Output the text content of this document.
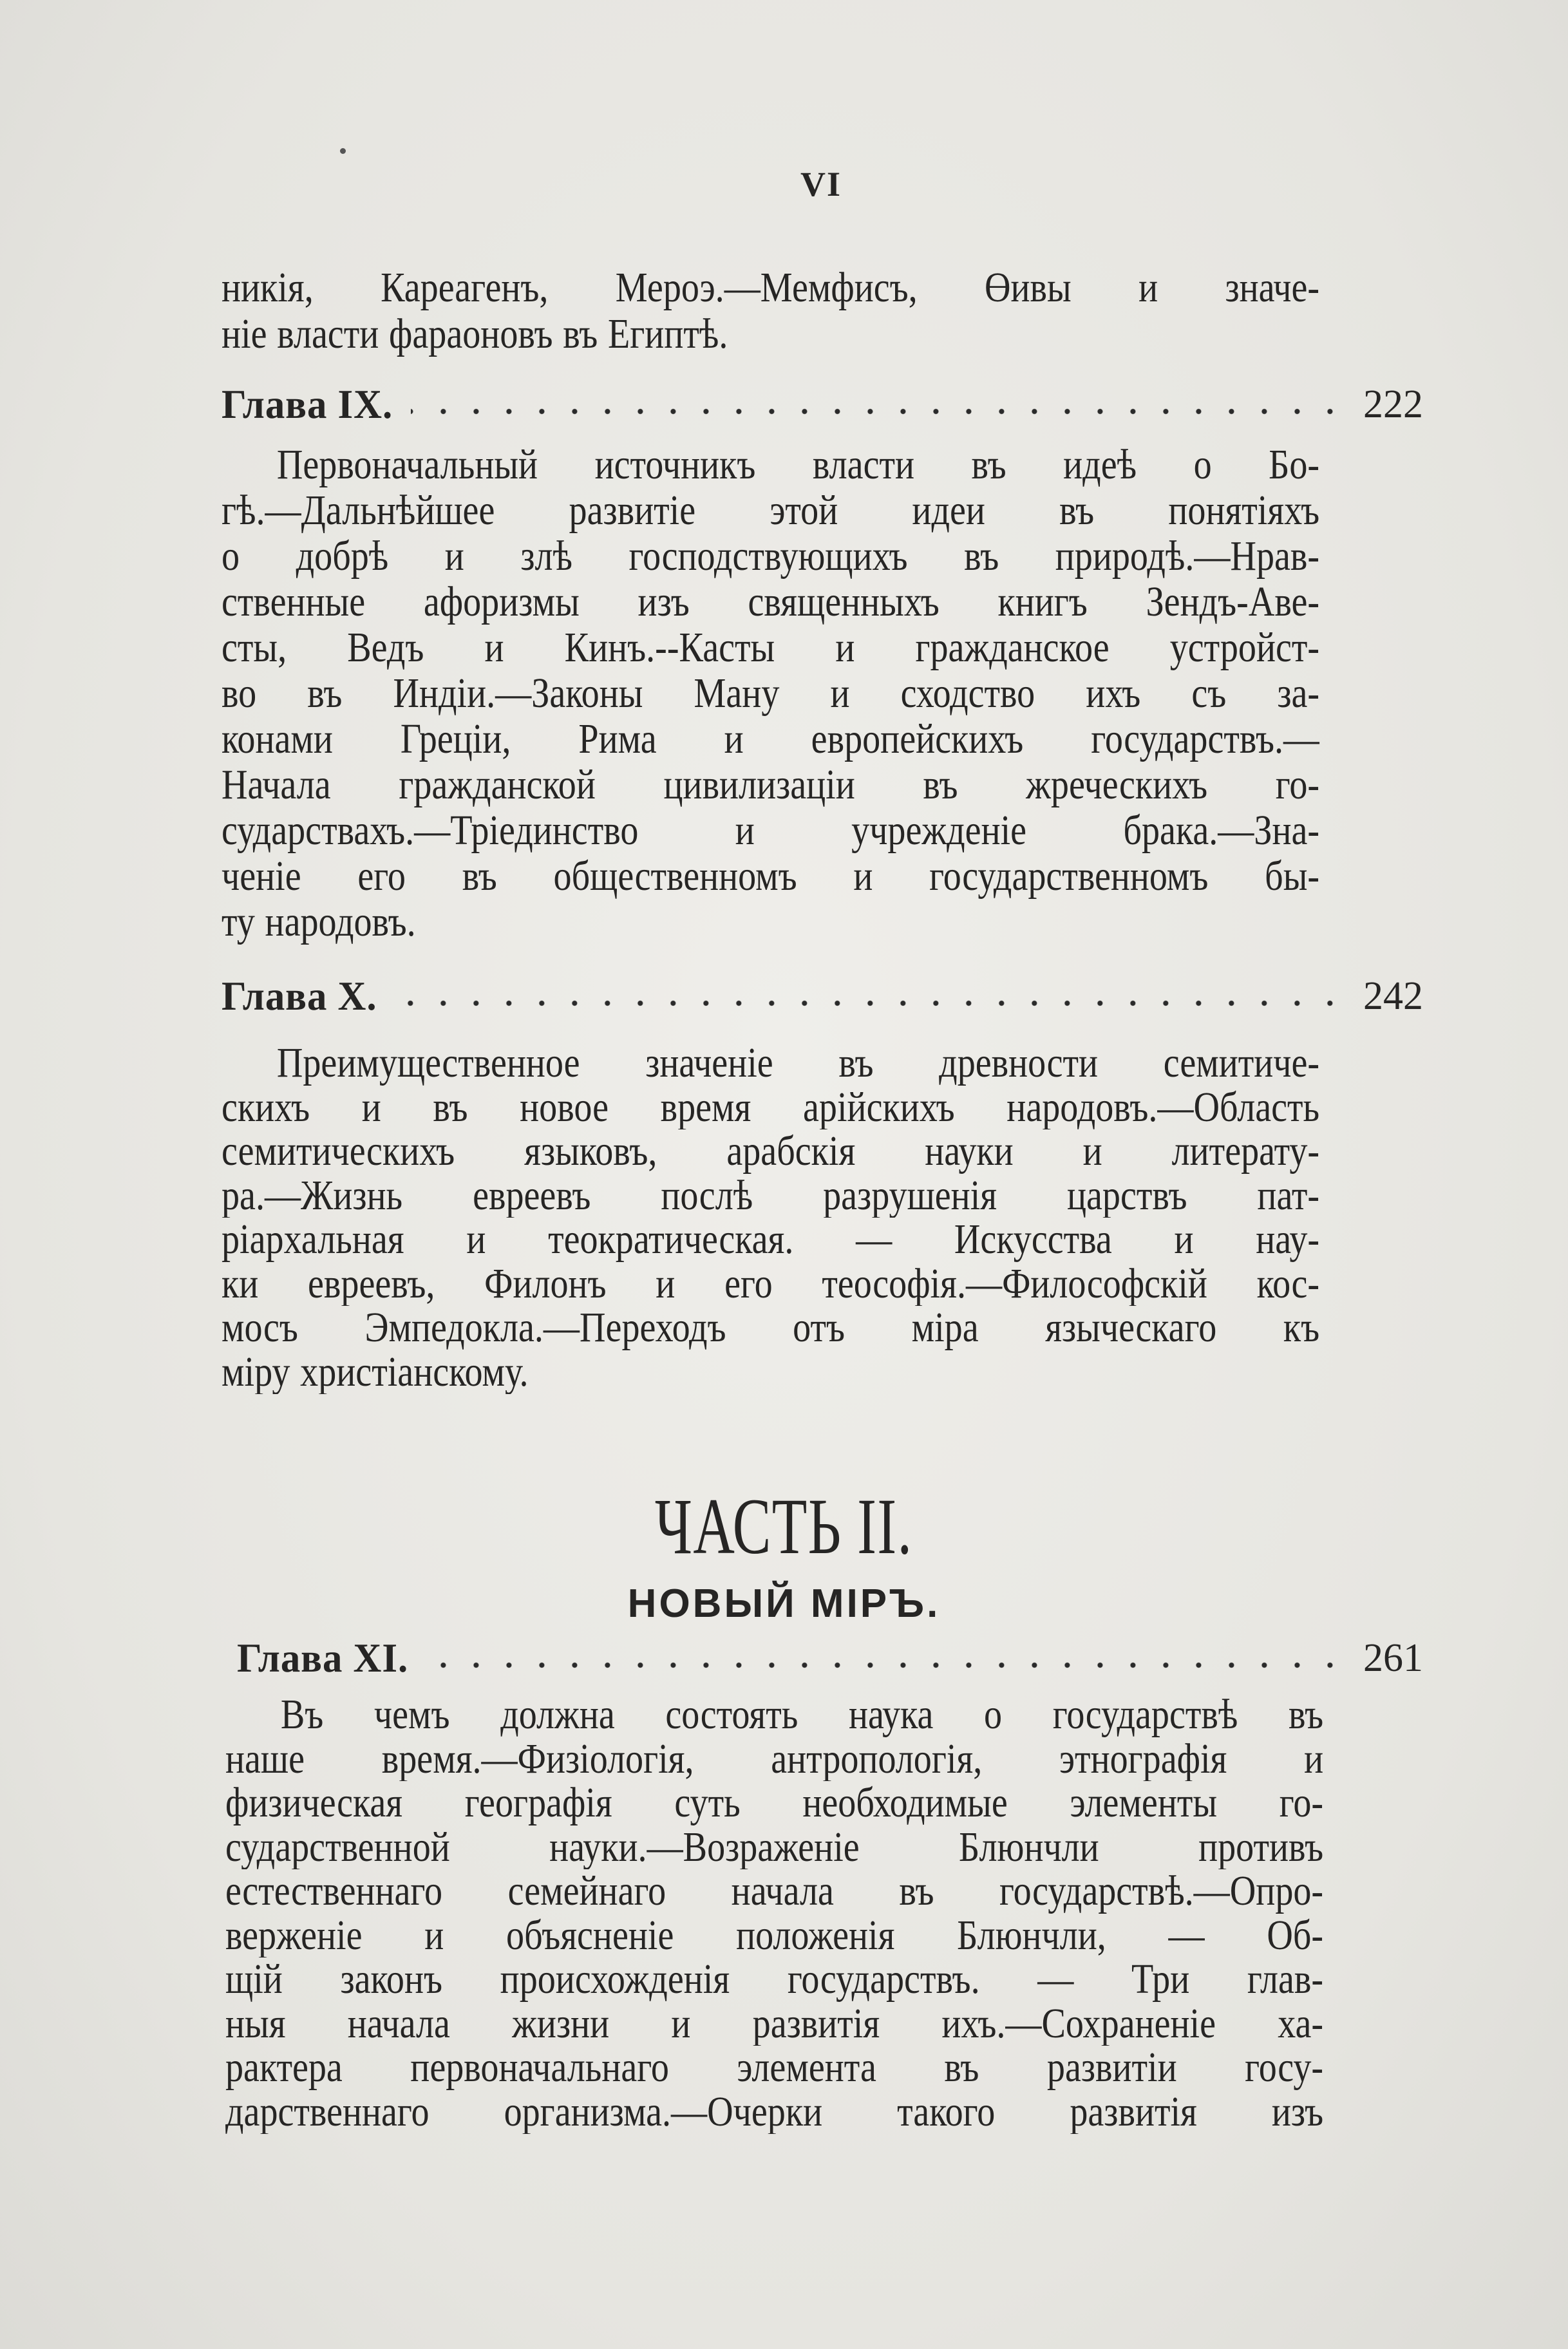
VI
никія, Кареагенъ, Мероэ.—Мемфисъ, Өивы и значе-
ніе власти фараоновъ въ Египтѣ.
Глава IX.	222
Первоначальный источникъ власти въ идеѣ о Бо-
гѣ.—Дальнѣйшее развитіе этой идеи въ понятіяхъ
о добрѣ и злѣ господствующихъ въ природѣ.—Нрав-
ственные афоризмы изъ священныхъ книгъ Зендъ-Аве-
сты, Ведъ и Кинъ.--Касты и гражданское устройст-
во въ Индіи.—Законы Ману и сходство ихъ съ за-
конами Греціи, Рима и европейскихъ государствъ.—
Начала гражданской цивилизаціи въ жреческихъ го-
сударствахъ.—Тріединство и учрежденіе брака.—Зна-
ченіе его въ общественномъ и государственномъ бы-
ту народовъ.
Глава X.	242
Преимущественное значеніе въ древности семитиче-
скихъ и въ новое время арійскихъ народовъ.—Область
семитическихъ языковъ, арабскія науки и литерату-
ра.—Жизнь евреевъ послѣ разрушенія царствъ пат-
ріархальная и теократическая. — Искусства и нау-
ки евреевъ, Филонъ и его теософія.—Философскій кос-
мосъ Эмпедокла.—Переходъ отъ міра языческаго къ
міру христіанскому.
ЧАСТЬ II.
НОВЫЙ МІРЪ.
Глава XI.	261
Въ чемъ должна состоять наука о государствѣ въ
наше время.—Физіологія, антропологія, этнографія и
физическая географія суть необходимые элементы го-
сударственной науки.—Возраженіе Блюнчли противъ
естественнаго семейнаго начала въ государствѣ.—Опро-
верженіе и объясненіе положенія Блюнчли, — Об-
щій законъ происхожденія государствъ. — Три глав-
ныя начала жизни и развитія ихъ.—Сохраненіе ха-
рактера первоначальнаго элемента въ развитіи госу-
дарственнаго организма.—Очерки такого развитія изъ
